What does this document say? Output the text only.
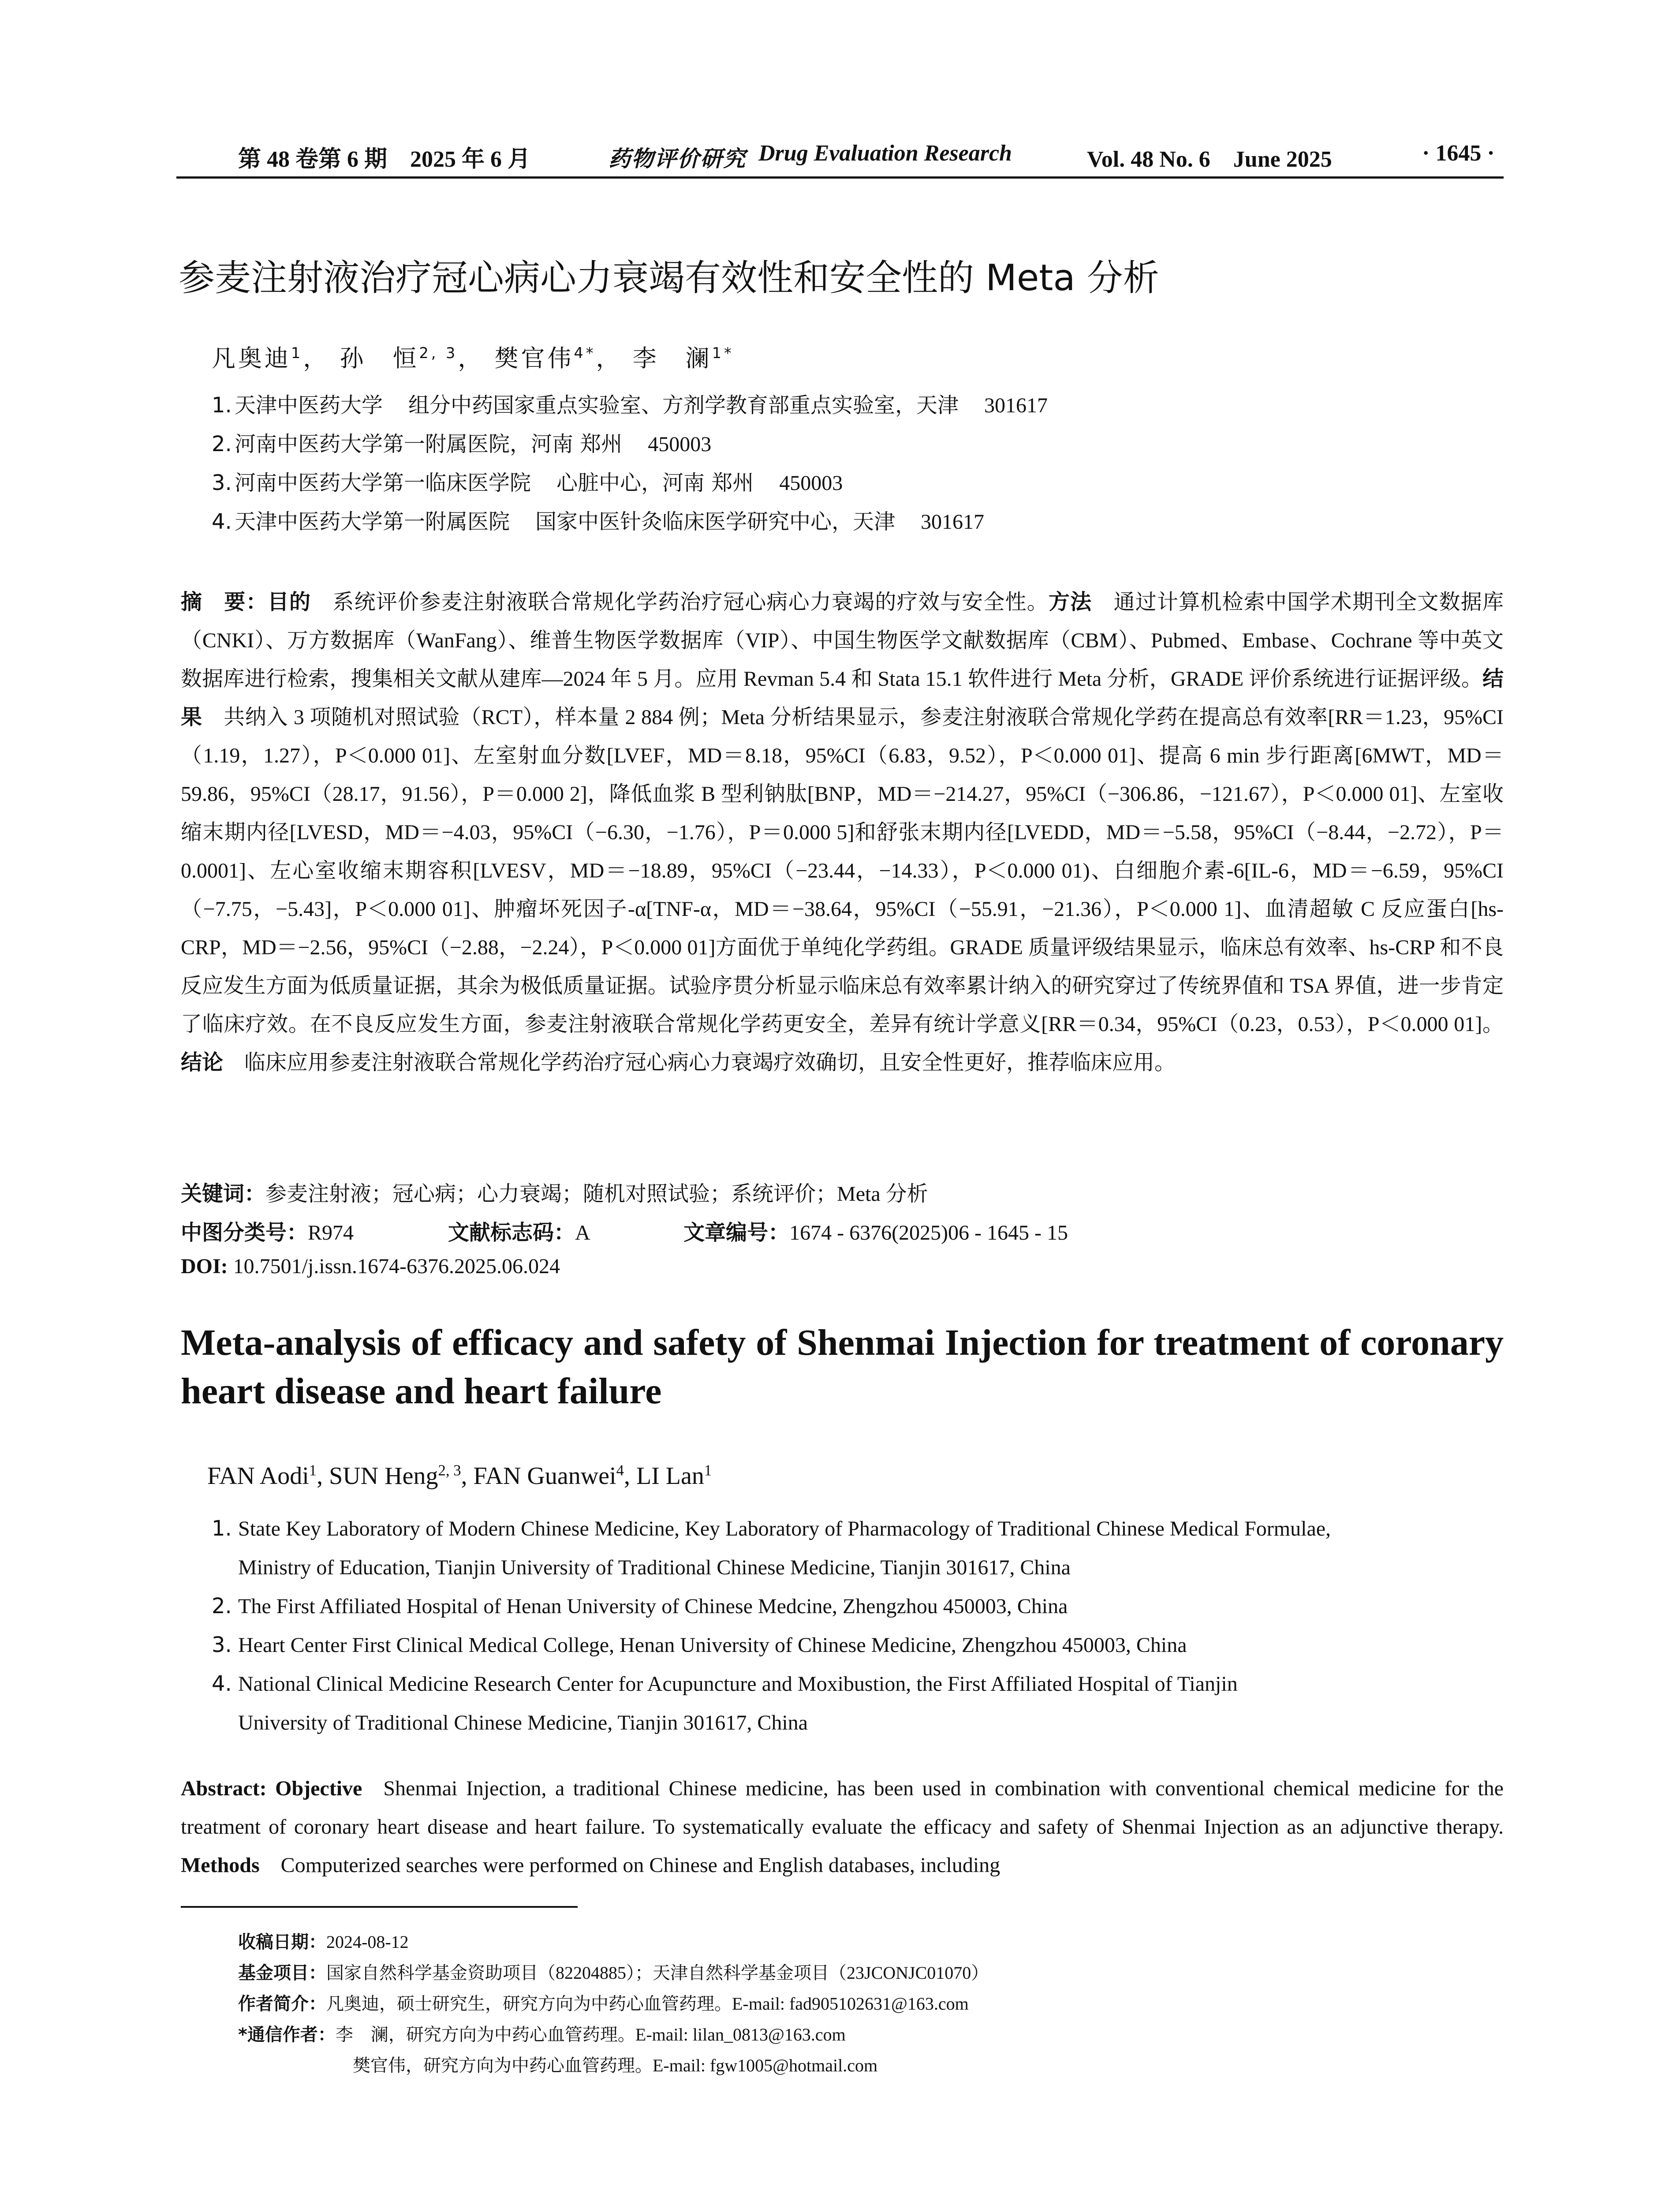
第 48 卷第 6 期　2025 年 6 月	药物评价研究 Drug Evaluation Research	Vol. 48 No. 6　June 2025	· 1645 ·
参麦注射液治疗冠心病心力衰竭有效性和安全性的 Meta 分析
凡奥迪$^1$， 孙　恒$^{2, 3}$， 樊官伟$^{4*}$， 李　澜$^{1*}$
1. 天津中医药大学 组分中药国家重点实验室、方剂学教育部重点实验室，天津 301617
2. 河南中医药大学第一附属医院，河南 郑州 450003
3. 河南中医药大学第一临床医学院 心脏中心，河南 郑州 450003
4. 天津中医药大学第一附属医院 国家中医针灸临床医学研究中心，天津 301617
摘　要：目的  系统评价参麦注射液联合常规化学药治疗冠心病心力衰竭的疗效与安全性。方法  通过计算机检索中国学术期刊全文数据库（CNKI）、万方数据库（WanFang）、维普生物医学数据库（VIP）、中国生物医学文献数据库（CBM）、Pubmed、Embase、Cochrane 等中英文数据库进行检索，搜集相关文献从建库—2024 年 5 月。应用 Revman 5.4 和 Stata 15.1 软件进行 Meta 分析，GRADE 评价系统进行证据评级。结果  共纳入 3 项随机对照试验（RCT），样本量 2 884 例；Meta 分析结果显示，参麦注射液联合常规化学药在提高总有效率[RR＝1.23，95%CI（1.19，1.27），P＜0.000 01]、左室射血分数[LVEF，MD＝8.18，95%CI（6.83，9.52），P＜0.000 01]、提高 6 min 步行距离[6MWT，MD＝59.86，95%CI（28.17，91.56），P＝0.000 2]，降低血浆 B 型利钠肽[BNP，MD＝−214.27，95%CI（−306.86，−121.67），P＜0.000 01]、左室收缩末期内径[LVESD，MD＝−4.03，95%CI（−6.30，−1.76），P＝0.000 5]和舒张末期内径[LVEDD，MD＝−5.58，95%CI（−8.44，−2.72），P＝0.0001]、左心室收缩末期容积[LVESV，MD＝−18.89，95%CI（−23.44，−14.33），P＜0.000 01)、白细胞介素-6[IL-6，MD＝−6.59，95%CI（−7.75，−5.43]，P＜0.000 01]、肿瘤坏死因子-α[TNF-α，MD＝−38.64，95%CI（−55.91，−21.36），P＜0.000 1]、血清超敏 C 反应蛋白[hs-CRP，MD＝−2.56，95%CI（−2.88，−2.24），P＜0.000 01]方面优于单纯化学药组。GRADE 质量评级结果显示，临床总有效率、hs-CRP 和不良反应发生方面为低质量证据，其余为极低质量证据。试验序贯分析显示临床总有效率累计纳入的研究穿过了传统界值和 TSA 界值，进一步肯定了临床疗效。在不良反应发生方面，参麦注射液联合常规化学药更安全，差异有统计学意义[RR＝0.34，95%CI（0.23，0.53），P＜0.000 01]。结论  临床应用参麦注射液联合常规化学药治疗冠心病心力衰竭疗效确切，且安全性更好，推荐临床应用。
关键词：参麦注射液；冠心病；心力衰竭；随机对照试验；系统评价；Meta 分析
中图分类号：R974	文献标志码：A	文章编号：1674 - 6376(2025)06 - 1645 - 15
DOI: 10.7501/j.issn.1674-6376.2025.06.024
Meta-analysis of efficacy and safety of Shenmai Injection for treatment of coronary heart disease and heart failure
FAN Aodi$^1$, SUN Heng$^{2, 3}$, FAN Guanwei$^4$, LI Lan$^1$
1. State Key Laboratory of Modern Chinese Medicine, Key Laboratory of Pharmacology of Traditional Chinese Medical Formulae,
Ministry of Education, Tianjin University of Traditional Chinese Medicine, Tianjin 301617, China
2. The First Affiliated Hospital of Henan University of Chinese Medcine, Zhengzhou 450003, China
3. Heart Center First Clinical Medical College, Henan University of Chinese Medicine, Zhengzhou 450003, China
4. National Clinical Medicine Research Center for Acupuncture and Moxibustion, the First Affiliated Hospital of Tianjin
University of Traditional Chinese Medicine, Tianjin 301617, China
Abstract: Objective  Shenmai Injection, a traditional Chinese medicine, has been used in combination with conventional chemical medicine for the treatment of coronary heart disease and heart failure. To systematically evaluate the efficacy and safety of Shenmai Injection as an adjunctive therapy. Methods  Computerized searches were performed on Chinese and English databases, including
收稿日期：2024-08-12
基金项目：国家自然科学基金资助项目（82204885）；天津自然科学基金项目（23JCONJC01070）
作者简介：凡奥迪，硕士研究生，研究方向为中药心血管药理。E-mail: fad905102631@163.com
*通信作者：李　澜，研究方向为中药心血管药理。E-mail: lilan_0813@163.com
樊官伟，研究方向为中药心血管药理。E-mail: fgw1005@hotmail.com
